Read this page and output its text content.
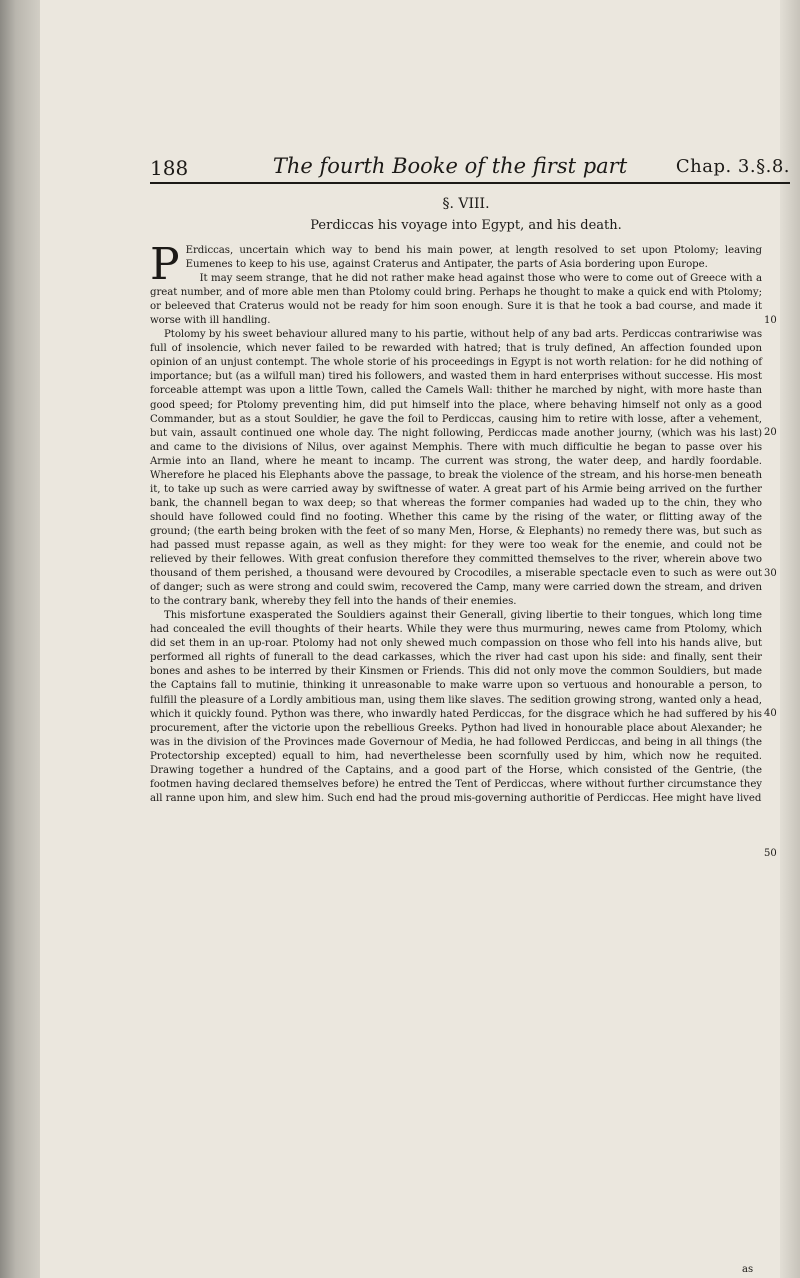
188	The fourth Booke of the first part	Chap. 3.§.8.
§. VIII.
Perdiccas his voyage into Egypt, and his death.

P Erdiccas, uncertain which way to bend his main power, at length resolved to set upon Ptolomy; leaving Eumenes to keep to his use, against Craterus and Antipater, the parts of Asia bordering upon Europe.

It may seem strange, that he did not rather make head against those who were to come out of Greece with a great number, and of more able men than Ptolomy could bring. Perhaps he thought to make a quick end with Ptolomy; or beleeved that Craterus would not be ready for him soon enough. Sure it is that he took a bad course, and made it worse with ill handling.

Ptolomy by his sweet behaviour allured many to his partie, without help of any bad arts. Perdiccas contrariwise was full of insolencie, which never failed to be rewarded with hatred; that is truly defined, An affection founded upon opinion of an unjust contempt. The whole storie of his proceedings in Egypt is not worth relation: for he did nothing of importance; but (as a wilfull man) tired his followers, and wasted them in hard enterprises without successe. His most forceable attempt was upon a little Town, called the Camels Wall: thither he marched by night, with more haste than good speed; for Ptolomy preventing him, did put himself into the place, where behaving himself not only as a good Commander, but as a stout Souldier, he gave the foil to Perdiccas, causing him to retire with losse, after a vehement, but vain, assault continued one whole day. The night following, Perdiccas made another journy, (which was his last) and came to the divisions of Nilus, over against Memphis. There with much difficultie he began to passe over his Armie into an Iland, where he meant to incamp. The current was strong, the water deep, and hardly foordable. Wherefore he placed his Elephants above the passage, to break the violence of the stream, and his horse-men beneath it, to take up such as were carried away by swiftnesse of water. A great part of his Armie being arrived on the further bank, the channell began to wax deep; so that whereas the former companies had waded up to the chin, they who should have followed could find no footing. Whether this came by the rising of the water, or flitting away of the ground; (the earth being broken with the feet of so many Men, Horse, & Elephants) no remedy there was, but such as had passed must repasse again, as well as they might: for they were too weak for the enemie, and could not be relieved by their fellowes. With great confusion therefore they committed themselves to the river, wherein above two thousand of them perished, a thousand were devoured by Crocodiles, a miserable spectacle even to such as were out of danger; such as were strong and could swim, recovered the Camp, many were carried down the stream, and driven to the contrary bank, whereby they fell into the hands of their enemies.

This misfortune exasperated the Souldiers against their Generall, giving libertie to their tongues, which long time had concealed the evill thoughts of their hearts. While they were thus murmuring, newes came from Ptolomy, which did set them in an up-roar. Ptolomy had not only shewed much compassion on those who fell into his hands alive, but performed all rights of funerall to the dead carkasses, which the river had cast upon his side: and finally, sent their bones and ashes to be interred by their Kinsmen or Friends. This did not only move the common Souldiers, but made the Captains fall to mutinie, thinking it unreasonable to make warre upon so vertuous and honourable a person, to fulfill the pleasure of a Lordly ambitious man, using them like slaves. The sedition growing strong, wanted only a head, which it quickly found. Python was there, who inwardly hated Perdiccas, for the disgrace which he had suffered by his procurement, after the victorie upon the rebellious Greeks. Python had lived in honourable place about Alexander; he was in the division of the Provinces made Governour of Media, he had followed Perdiccas, and being in all things (the Protectorship excepted) equall to him, had neverthelesse been scornfully used by him, which now he requited. Drawing together a hundred of the Captains, and a good part of the Horse, which consisted of the Gentrie, (the footmen having declared themselves before) he entred the Tent of Perdiccas, where without further circumstance they all ranne upon him, and slew him. Such end had the proud mis-governing authoritie of Perdiccas. Hee might have lived

10
20
30
40
50
as
